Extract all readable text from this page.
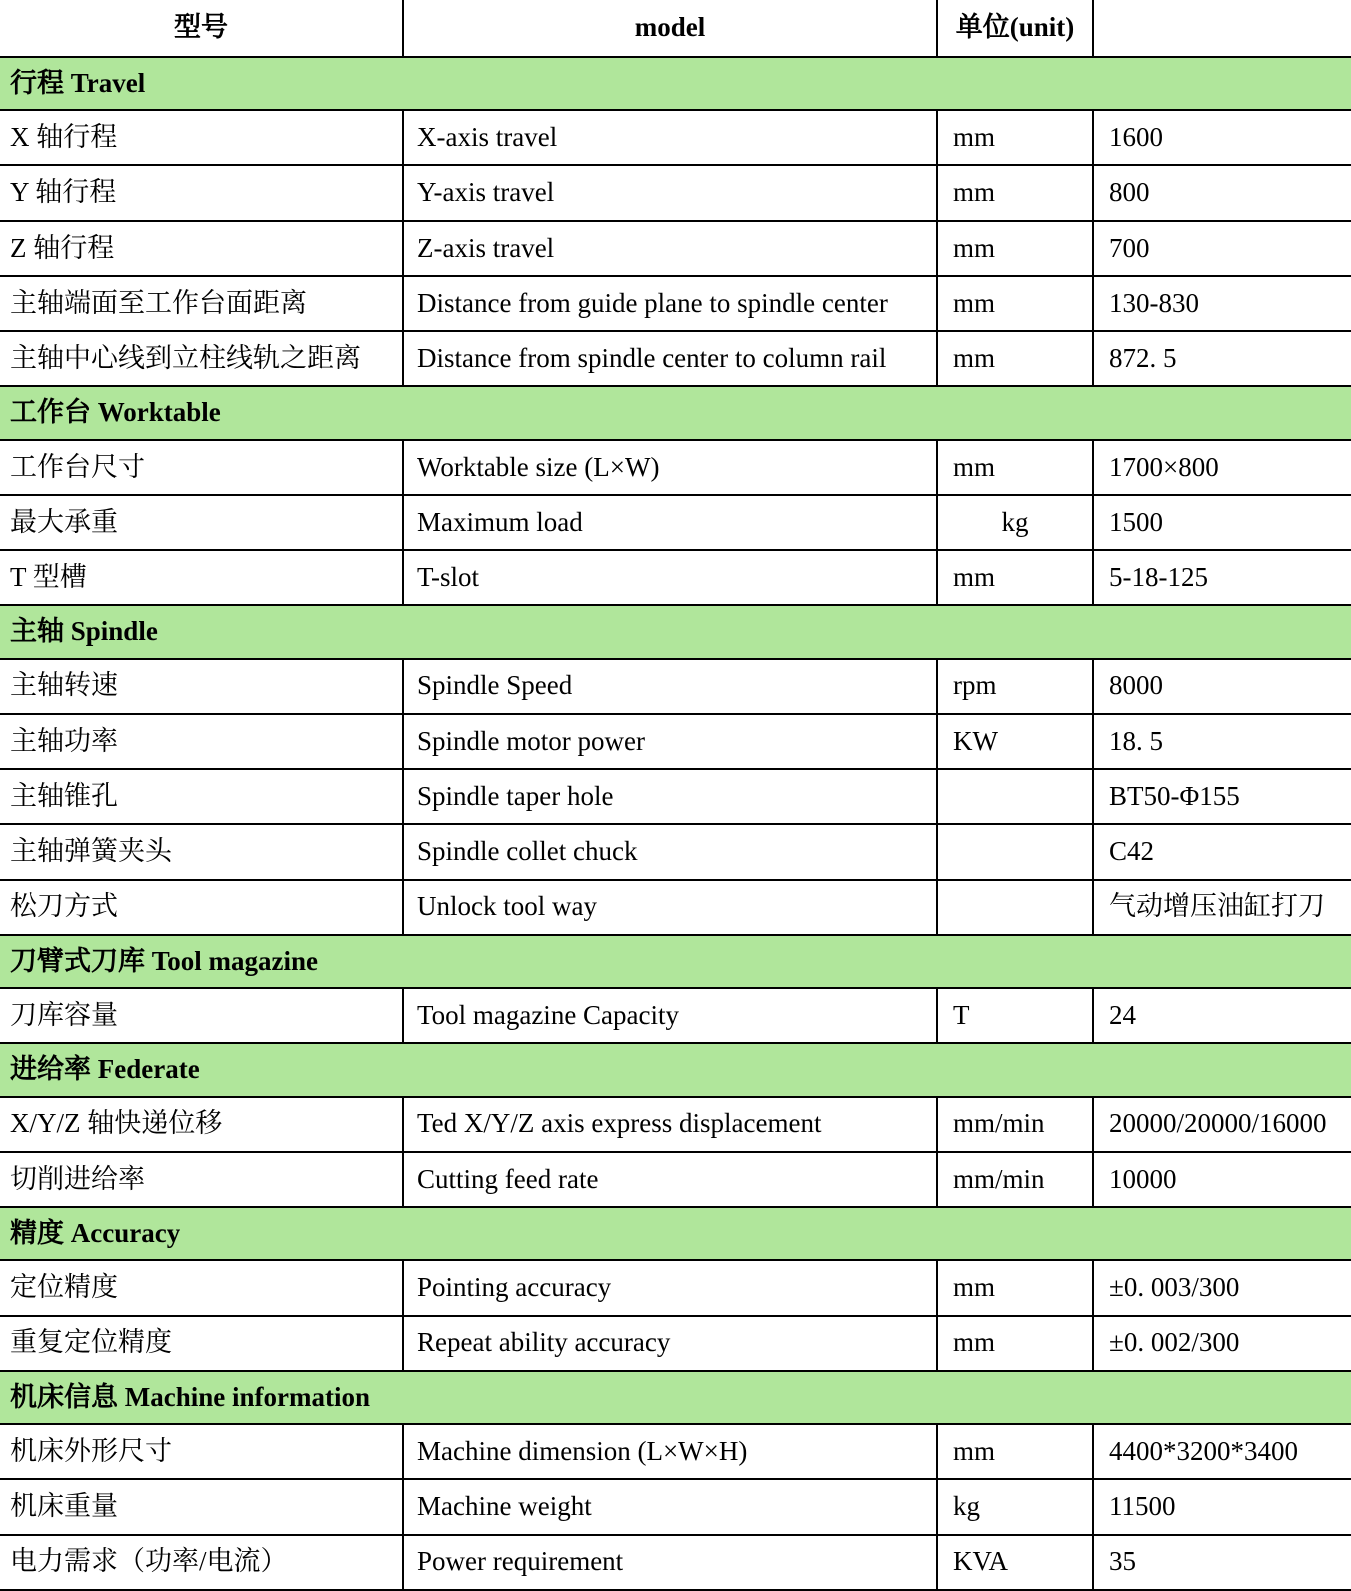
型号	model	单位(unit)	
行程 Travel			
X 轴行程	X-axis travel	mm	1600
Y 轴行程	Y-axis travel	mm	800
Z 轴行程	Z-axis travel	mm	700
主轴端面至工作台面距离	Distance from guide plane to spindle center	mm	130-830
主轴中心线到立柱线轨之距离	Distance from spindle center to column rail	mm	872. 5
工作台 Worktable			
工作台尺寸	Worktable size (L×W)	mm	1700×800
最大承重	Maximum load	kg	1500
T 型槽	T-slot	mm	5-18-125
主轴 Spindle			
主轴转速	Spindle Speed	rpm	8000
主轴功率	Spindle motor power	KW	18. 5
主轴锥孔	Spindle taper hole		BT50-Φ155
主轴弹簧夹头	Spindle collet chuck		C42
松刀方式	Unlock tool way		气动增压油缸打刀
刀臂式刀库 Tool magazine			
刀库容量	Tool magazine Capacity	T	24
进给率 Federate			
X/Y/Z 轴快递位移	Ted X/Y/Z axis express displacement	mm/min	20000/20000/16000
切削进给率	Cutting feed rate	mm/min	10000
精度 Accuracy			
定位精度	Pointing accuracy	mm	±0. 003/300
重复定位精度	Repeat ability accuracy	mm	±0. 002/300
机床信息 Machine information			
机床外形尺寸	Machine dimension (L×W×H)	mm	4400*3200*3400
机床重量	Machine weight	kg	11500
电力需求（功率/电流）	Power requirement	KVA	35
